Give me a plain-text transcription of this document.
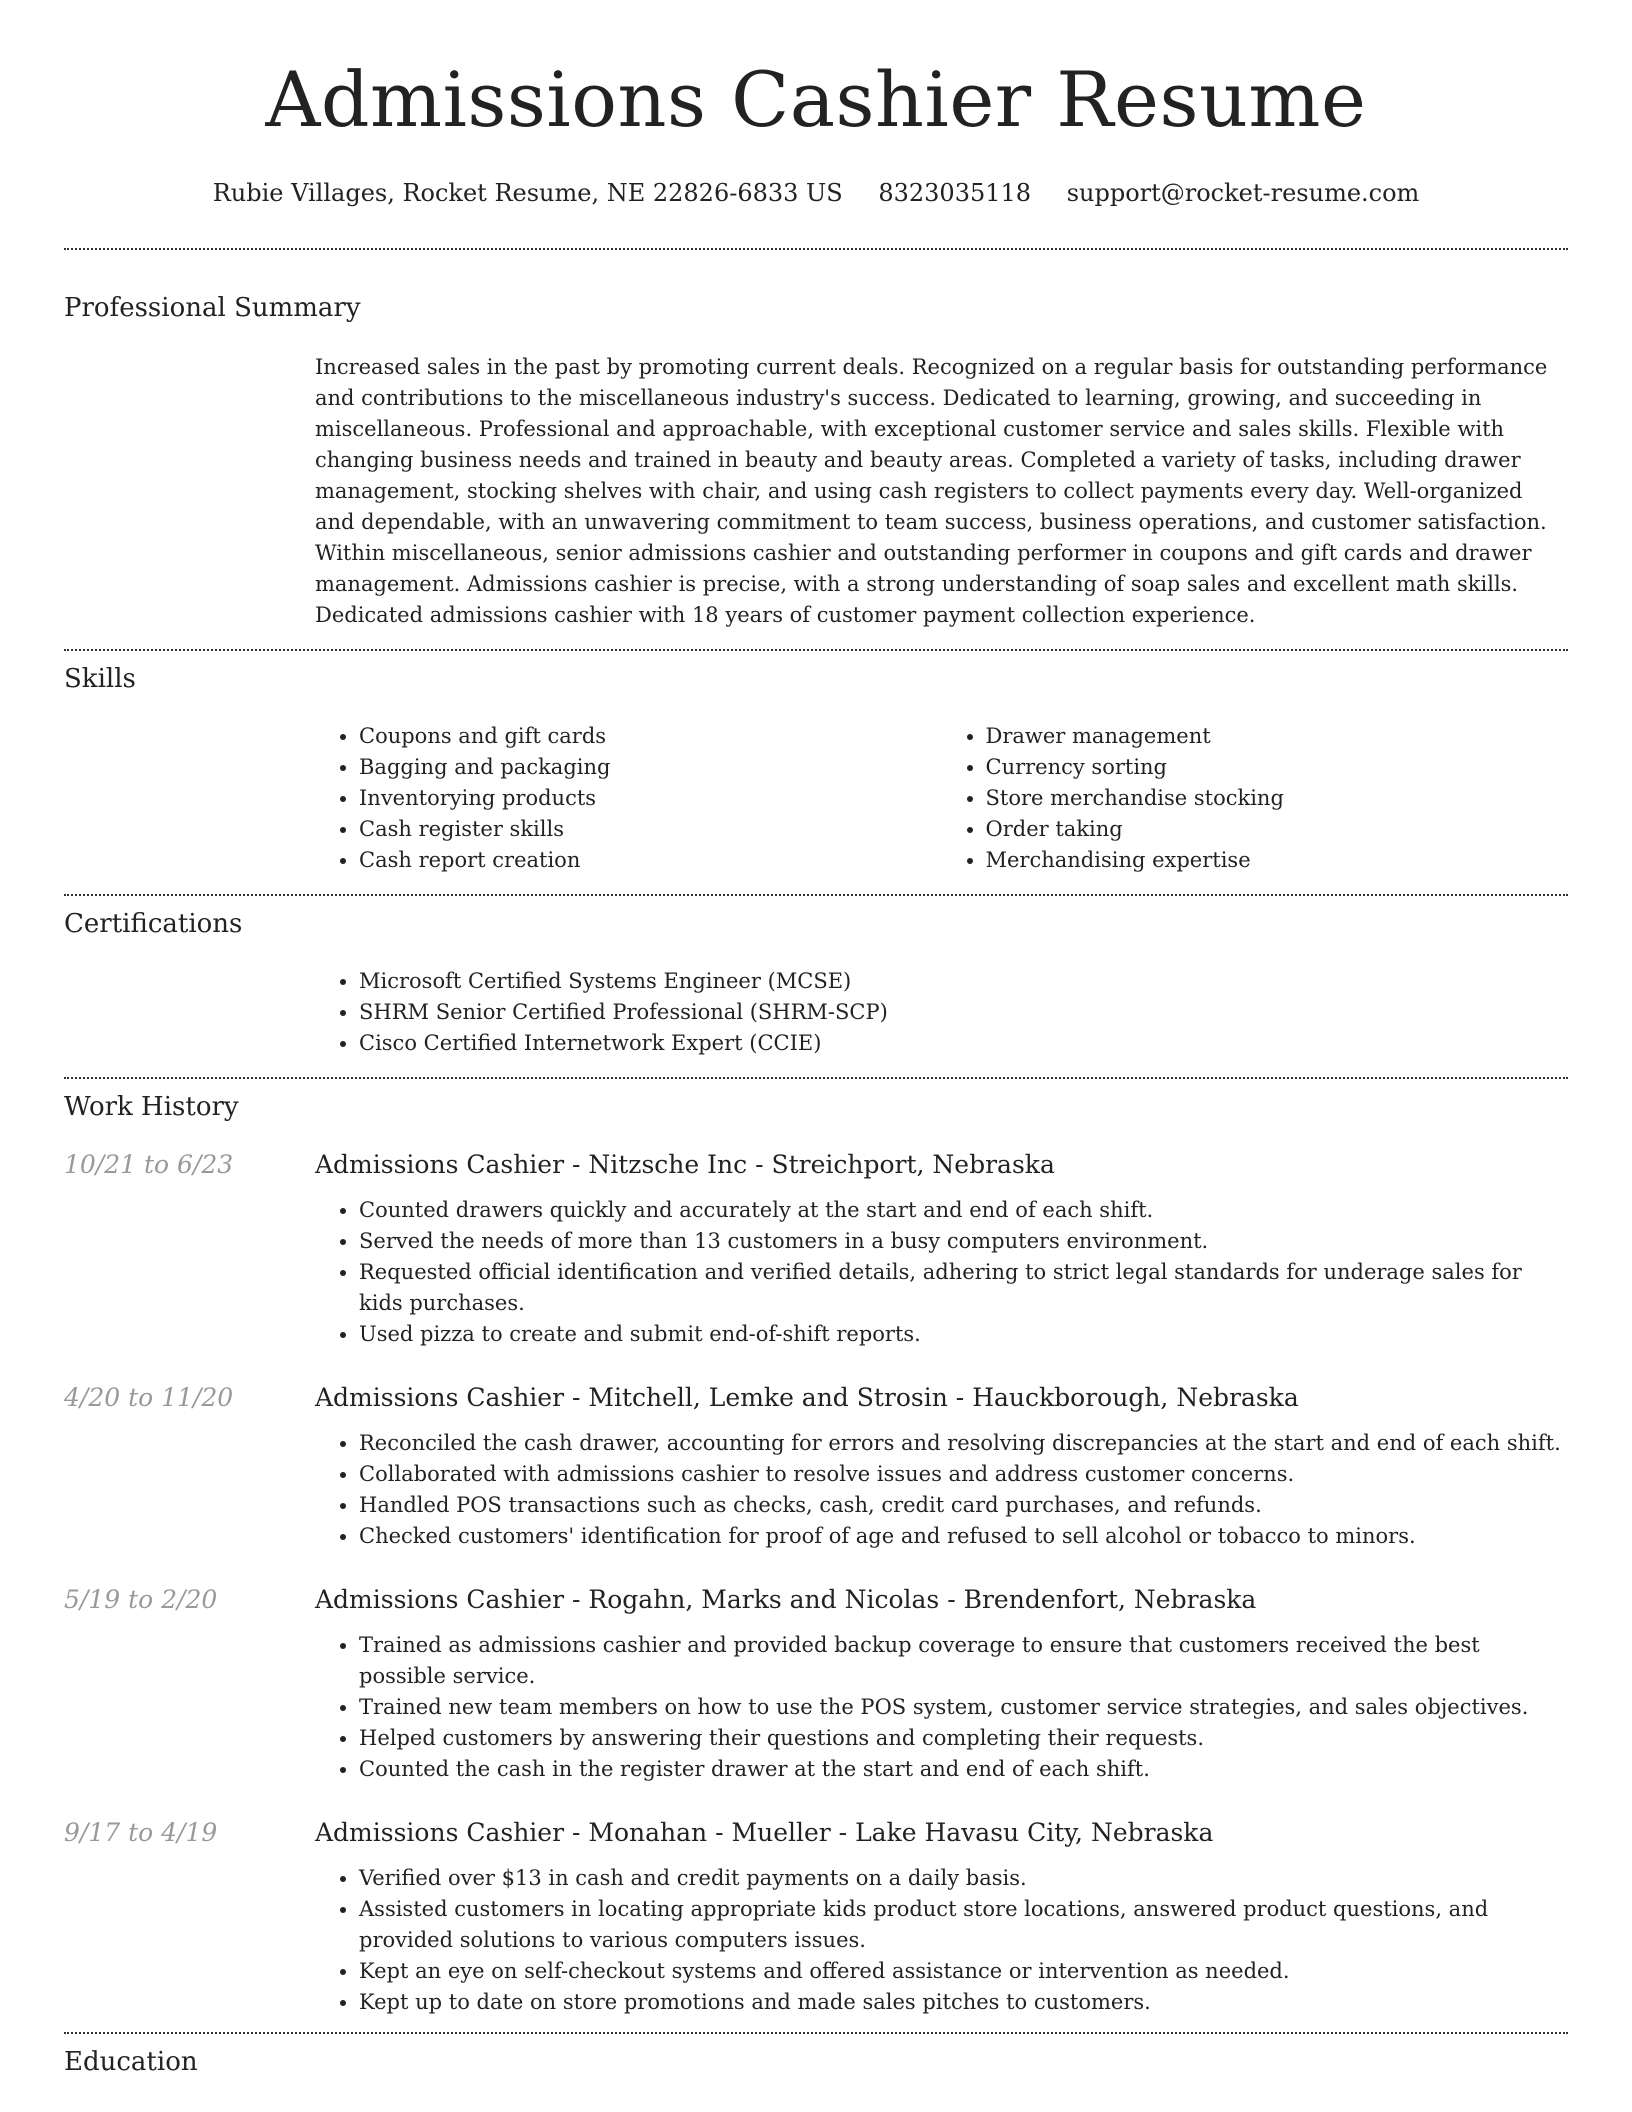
Admissions Cashier Resume
Rubie Villages, Rocket Resume, NE 22826-6833 US 8323035118 support@rocket-resume.com
Professional Summary
Increased sales in the past by promoting current deals. Recognized on a regular basis for outstanding performance and contributions to the miscellaneous industry's success. Dedicated to learning, growing, and succeeding in miscellaneous. Professional and approachable, with exceptional customer service and sales skills. Flexible with changing business needs and trained in beauty and beauty areas. Completed a variety of tasks, including drawer management, stocking shelves with chair, and using cash registers to collect payments every day. Well-organized and dependable, with an unwavering commitment to team success, business operations, and customer satisfaction. Within miscellaneous, senior admissions cashier and outstanding performer in coupons and gift cards and drawer management. Admissions cashier is precise, with a strong understanding of soap sales and excellent math skills. Dedicated admissions cashier with 18 years of customer payment collection experience.
Skills
• Coupons and gift cards
• Bagging and packaging
• Inventorying products
• Cash register skills
• Cash report creation
• Drawer management
• Currency sorting
• Store merchandise stocking
• Order taking
• Merchandising expertise
Certifications
• Microsoft Certified Systems Engineer (MCSE)
• SHRM Senior Certified Professional (SHRM-SCP)
• Cisco Certified Internetwork Expert (CCIE)
Work History
10/21 to 6/23	Admissions Cashier - Nitzsche Inc - Streichport, Nebraska
• Counted drawers quickly and accurately at the start and end of each shift.
• Served the needs of more than 13 customers in a busy computers environment.
• Requested official identification and verified details, adhering to strict legal standards for underage sales for kids purchases.
• Used pizza to create and submit end-of-shift reports.
4/20 to 11/20	Admissions Cashier - Mitchell, Lemke and Strosin - Hauckborough, Nebraska
• Reconciled the cash drawer, accounting for errors and resolving discrepancies at the start and end of each shift.
• Collaborated with admissions cashier to resolve issues and address customer concerns.
• Handled POS transactions such as checks, cash, credit card purchases, and refunds.
• Checked customers' identification for proof of age and refused to sell alcohol or tobacco to minors.
5/19 to 2/20	Admissions Cashier - Rogahn, Marks and Nicolas - Brendenfort, Nebraska
• Trained as admissions cashier and provided backup coverage to ensure that customers received the best possible service.
• Trained new team members on how to use the POS system, customer service strategies, and sales objectives.
• Helped customers by answering their questions and completing their requests.
• Counted the cash in the register drawer at the start and end of each shift.
9/17 to 4/19	Admissions Cashier - Monahan - Mueller - Lake Havasu City, Nebraska
• Verified over $13 in cash and credit payments on a daily basis.
• Assisted customers in locating appropriate kids product store locations, answered product questions, and provided solutions to various computers issues.
• Kept an eye on self-checkout systems and offered assistance or intervention as needed.
• Kept up to date on store promotions and made sales pitches to customers.
Education
